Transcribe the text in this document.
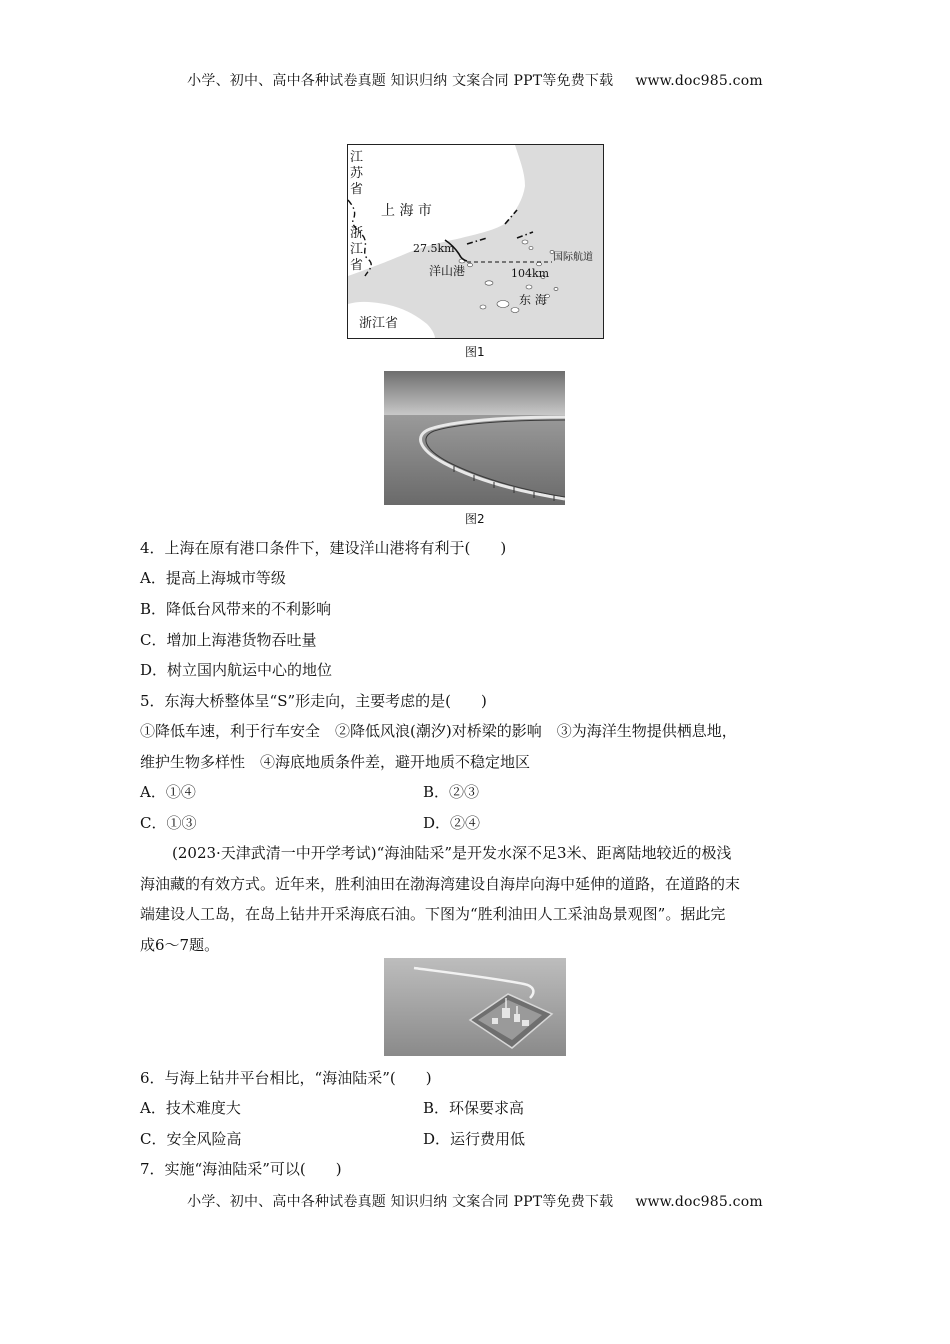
小学、初中、高中各种试卷真题 知识归纳 文案合同 PPT等免费下载 www.doc985.com
江
苏
省
浙
江
省
上 海 市
27.5km
洋山港	104km
国际航道
东 海
浙江省
图1
图2
4．上海在原有港口条件下，建设洋山港将有利于(　　)
A．提高上海城市等级
B．降低台风带来的不利影响
C．增加上海港货物吞吐量
D．树立国内航运中心的地位
5．东海大桥整体呈“S”形走向，主要考虑的是(　　)
①降低车速，利于行车安全　②降低风浪(潮汐)对桥梁的影响　③为海洋生物提供栖息地，
维护生物多样性　④海底地质条件差，避开地质不稳定地区
A．①④	B．②③
C．①③	D．②④
(2023·天津武清一中开学考试)“海油陆采”是开发水深不足3米、距离陆地较近的极浅
海油藏的有效方式。近年来，胜利油田在渤海湾建设自海岸向海中延伸的道路，在道路的末
端建设人工岛，在岛上钻井开采海底石油。下图为“胜利油田人工采油岛景观图”。据此完
成6～7题。
6．与海上钻井平台相比，“海油陆采”(　　)
A．技术难度大	B．环保要求高
C．安全风险高	D．运行费用低
7．实施“海油陆采”可以(　　)
小学、初中、高中各种试卷真题 知识归纳 文案合同 PPT等免费下载 www.doc985.com
